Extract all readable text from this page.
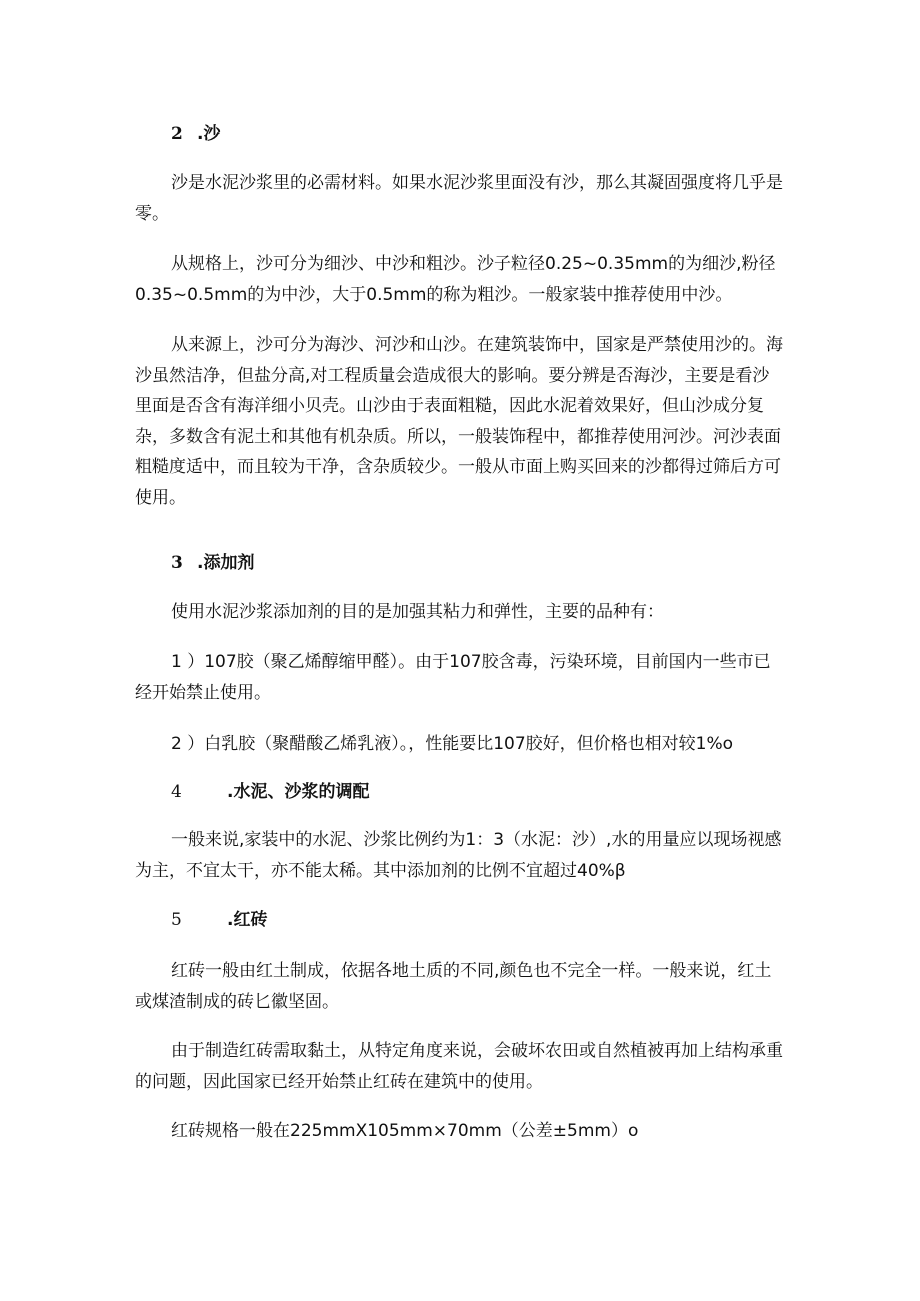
2 .沙
沙是水泥沙浆里的必需材料。如果水泥沙浆里面没有沙，那么其凝固强度将几乎是零。
从规格上，沙可分为细沙、中沙和粗沙。沙子粒径0.25~0.35mm的为细沙,粉径0.35~0.5mm的为中沙，大于0.5mm的称为粗沙。一般家装中推荐使用中沙。
从来源上，沙可分为海沙、河沙和山沙。在建筑装饰中，国家是严禁使用沙的。海沙虽然洁净，但盐分高,对工程质量会造成很大的影响。要分辨是否海沙，主要是看沙里面是否含有海洋细小贝壳。山沙由于表面粗糙，因此水泥着效果好，但山沙成分复杂，多数含有泥土和其他有机杂质。所以，一般装饰程中，都推荐使用河沙。河沙表面粗糙度适中，而且较为干净，含杂质较少。一般从市面上购买回来的沙都得过筛后方可使用。
3 .添加剂
使用水泥沙浆添加剂的目的是加强其粘力和弹性，主要的品种有：
1 ）107胶（聚乙烯醇缩甲醛）。由于107胶含毒，污染环境，目前国内一些市已经开始禁止使用。
2 ）白乳胶（聚醋酸乙烯乳液）。，性能要比107胶好，但价格也相对较1%o
4	.水泥、沙浆的调配
一般来说,家装中的水泥、沙浆比例约为1：3（水泥：沙）,水的用量应以现场视感为主，不宜太干，亦不能太稀。其中添加剂的比例不宜超过40%β
5	.红砖
红砖一般由红土制成，依据各地土质的不同,颜色也不完全一样。一般来说，红土或煤渣制成的砖匕徽坚固。
由于制造红砖需取黏土，从特定角度来说，会破坏农田或自然植被再加上结构承重的问题，因此国家已经开始禁止红砖在建筑中的使用。
红砖规格一般在225mmX105mm×70mm（公差±5mm）o
